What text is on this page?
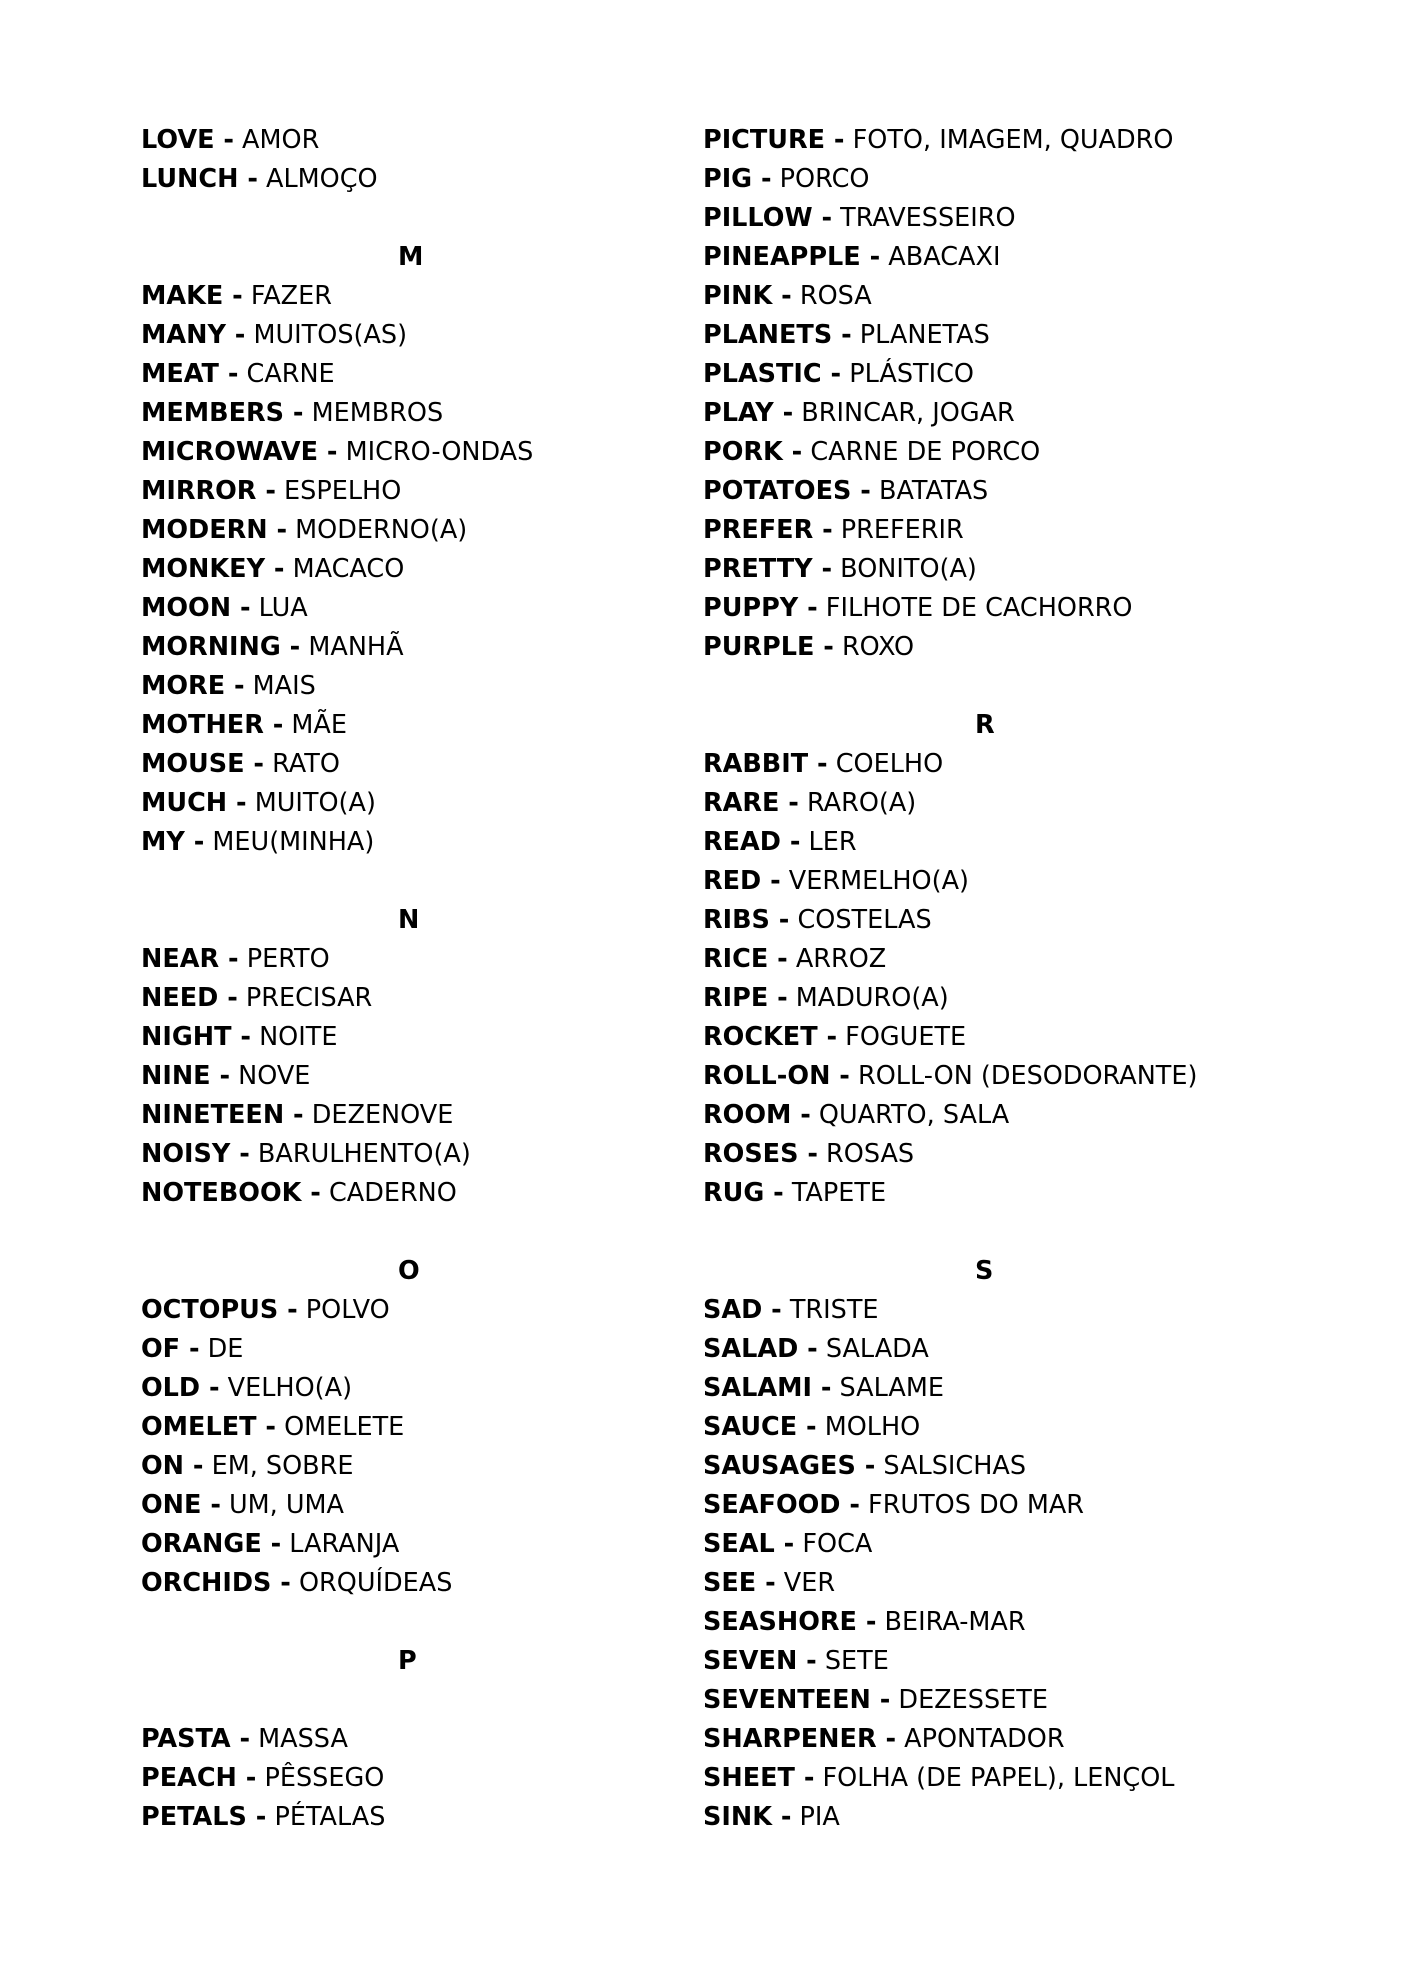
LOVE - AMOR
LUNCH - ALMOÇO
M
MAKE - FAZER
MANY - MUITOS(AS)
MEAT - CARNE
MEMBERS - MEMBROS
MICROWAVE - MICRO-ONDAS
MIRROR - ESPELHO
MODERN - MODERNO(A)
MONKEY - MACACO
MOON - LUA
MORNING - MANHÃ
MORE - MAIS
MOTHER - MÃE
MOUSE - RATO
MUCH - MUITO(A)
MY - MEU(MINHA)
N
NEAR - PERTO
NEED - PRECISAR
NIGHT - NOITE
NINE - NOVE
NINETEEN - DEZENOVE
NOISY - BARULHENTO(A)
NOTEBOOK - CADERNO
O
OCTOPUS - POLVO
OF - DE
OLD - VELHO(A)
OMELET - OMELETE
ON - EM, SOBRE
ONE - UM, UMA
ORANGE - LARANJA
ORCHIDS - ORQUÍDEAS
P
PASTA - MASSA
PEACH - PÊSSEGO
PETALS - PÉTALAS
PICTURE - FOTO, IMAGEM, QUADRO
PIG - PORCO
PILLOW - TRAVESSEIRO
PINEAPPLE - ABACAXI
PINK - ROSA
PLANETS - PLANETAS
PLASTIC - PLÁSTICO
PLAY - BRINCAR, JOGAR
PORK - CARNE DE PORCO
POTATOES - BATATAS
PREFER - PREFERIR
PRETTY - BONITO(A)
PUPPY - FILHOTE DE CACHORRO
PURPLE - ROXO
R
RABBIT - COELHO
RARE - RARO(A)
READ - LER
RED - VERMELHO(A)
RIBS - COSTELAS
RICE - ARROZ
RIPE - MADURO(A)
ROCKET - FOGUETE
ROLL-ON - ROLL-ON (DESODORANTE)
ROOM - QUARTO, SALA
ROSES - ROSAS
RUG - TAPETE
S
SAD - TRISTE
SALAD - SALADA
SALAMI - SALAME
SAUCE - MOLHO
SAUSAGES - SALSICHAS
SEAFOOD - FRUTOS DO MAR
SEAL - FOCA
SEE - VER
SEASHORE - BEIRA-MAR
SEVEN - SETE
SEVENTEEN - DEZESSETE
SHARPENER - APONTADOR
SHEET - FOLHA (DE PAPEL), LENÇOL
SINK - PIA
